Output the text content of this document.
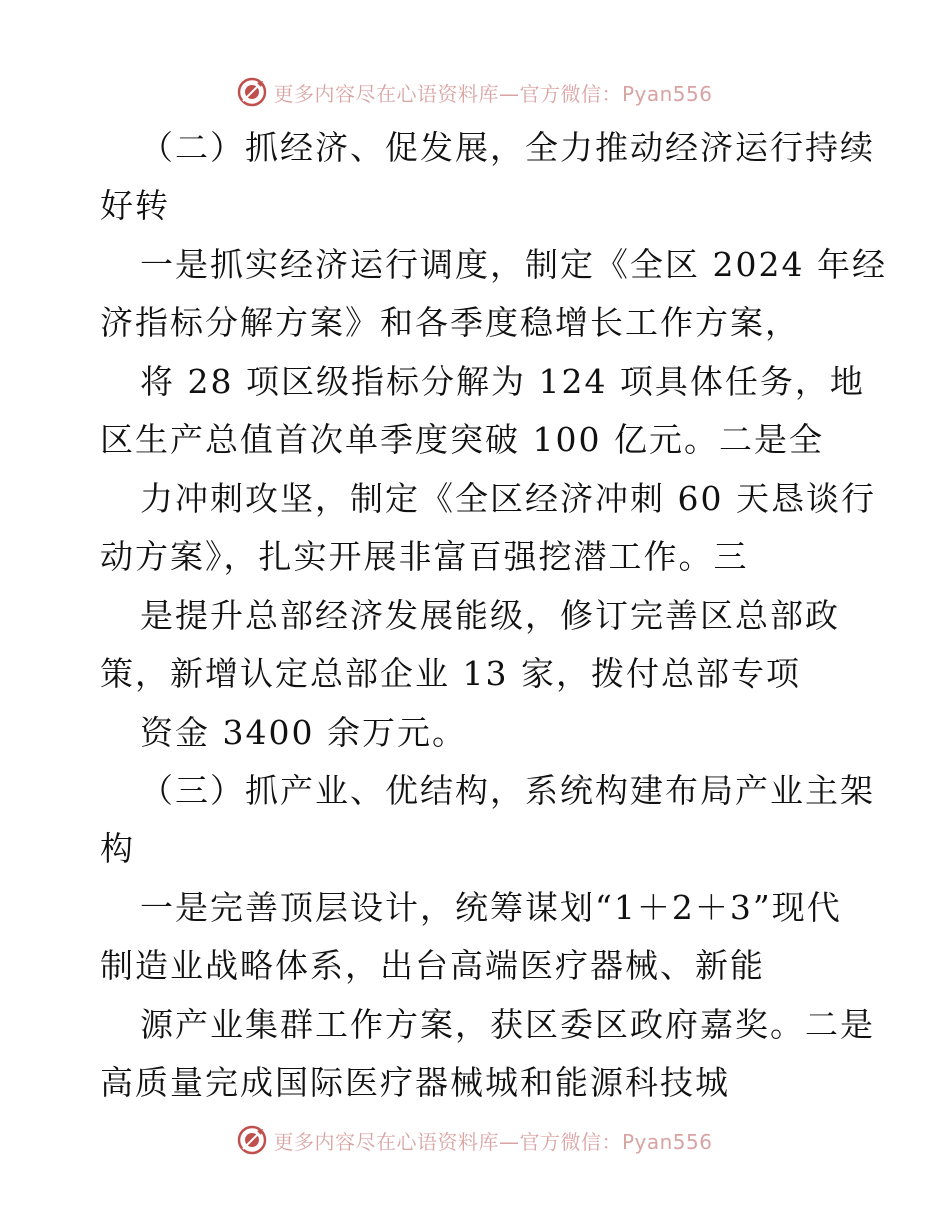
更多内容尽在心语资料库—官方微信：Pyan556
（二）抓经济、促发展，全力推动经济运行持续
好转
一是抓实经济运行调度，制定《全区 2024 年经
济指标分解方案》和各季度稳增长工作方案，
将 28 项区级指标分解为 124 项具体任务，地
区生产总值首次单季度突破 100 亿元。二是全
力冲刺攻坚，制定《全区经济冲刺 60 天恳谈行
动方案》，扎实开展非富百强挖潜工作。三
是提升总部经济发展能级，修订完善区总部政
策，新增认定总部企业 13 家，拨付总部专项
资金 3400 余万元。
（三）抓产业、优结构，系统构建布局产业主架
构
一是完善顶层设计，统筹谋划“1＋2＋3”现代
制造业战略体系，出台高端医疗器械、新能
源产业集群工作方案，获区委区政府嘉奖。二是
高质量完成国际医疗器械城和能源科技城
更多内容尽在心语资料库—官方微信：Pyan556
